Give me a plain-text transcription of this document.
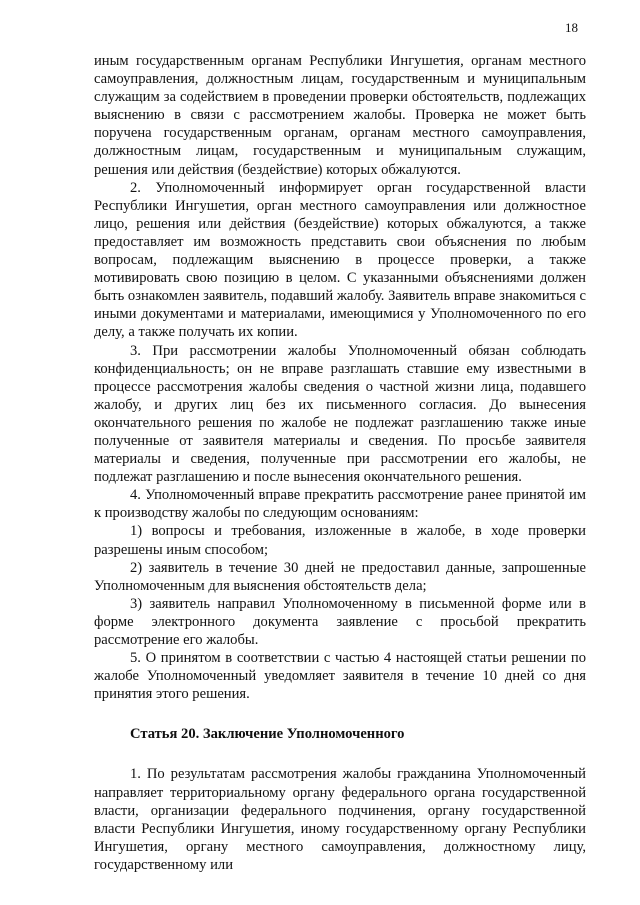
18

иным государственным органам Республики Ингушетия, органам местного самоуправления, должностным лицам, государственным и муниципальным служащим за содействием в проведении проверки обстоятельств, подлежащих выяснению в связи с рассмотрением жалобы. Проверка не может быть поручена государственным органам, органам местного самоуправления, должностным лицам, государственным и муниципальным служащим, решения или действия (бездействие) которых обжалуются.

2. Уполномоченный информирует орган государственной власти Республики Ингушетия, орган местного самоуправления или должностное лицо, решения или действия (бездействие) которых обжалуются, а также предоставляет им возможность представить свои объяснения по любым вопросам, подлежащим выяснению в процессе проверки, а также мотивировать свою позицию в целом. С указанными объяснениями должен быть ознакомлен заявитель, подавший жалобу. Заявитель вправе знакомиться с иными документами и материалами, имеющимися у Уполномоченного по его делу, а также получать их копии.

3. При рассмотрении жалобы Уполномоченный обязан соблюдать конфиденциальность; он не вправе разглашать ставшие ему известными в процессе рассмотрения жалобы сведения о частной жизни лица, подавшего жалобу, и других лиц без их письменного согласия. До вынесения окончательного решения по жалобе не подлежат разглашению также иные полученные от заявителя материалы и сведения. По просьбе заявителя материалы и сведения, полученные при рассмотрении его жалобы, не подлежат разглашению и после вынесения окончательного решения.

4. Уполномоченный вправе прекратить рассмотрение ранее принятой им к производству жалобы по следующим основаниям:

1) вопросы и требования, изложенные в жалобе, в ходе проверки разрешены иным способом;

2) заявитель в течение 30 дней не предоставил данные, запрошенные Уполномоченным для выяснения обстоятельств дела;

3) заявитель направил Уполномоченному в письменной форме или в форме электронного документа заявление с просьбой прекратить рассмотрение его жалобы.

5. О принятом в соответствии с частью 4 настоящей статьи решении по жалобе Уполномоченный уведомляет заявителя в течение 10 дней со дня принятия этого решения.

Статья 20. Заключение Уполномоченного

1. По результатам рассмотрения жалобы гражданина Уполномоченный направляет территориальному органу федерального органа государственной власти, организации федерального подчинения, органу государственной власти Республики Ингушетия, иному государственному органу Республики Ингушетия, органу местного самоуправления, должностному лицу, государственному или
